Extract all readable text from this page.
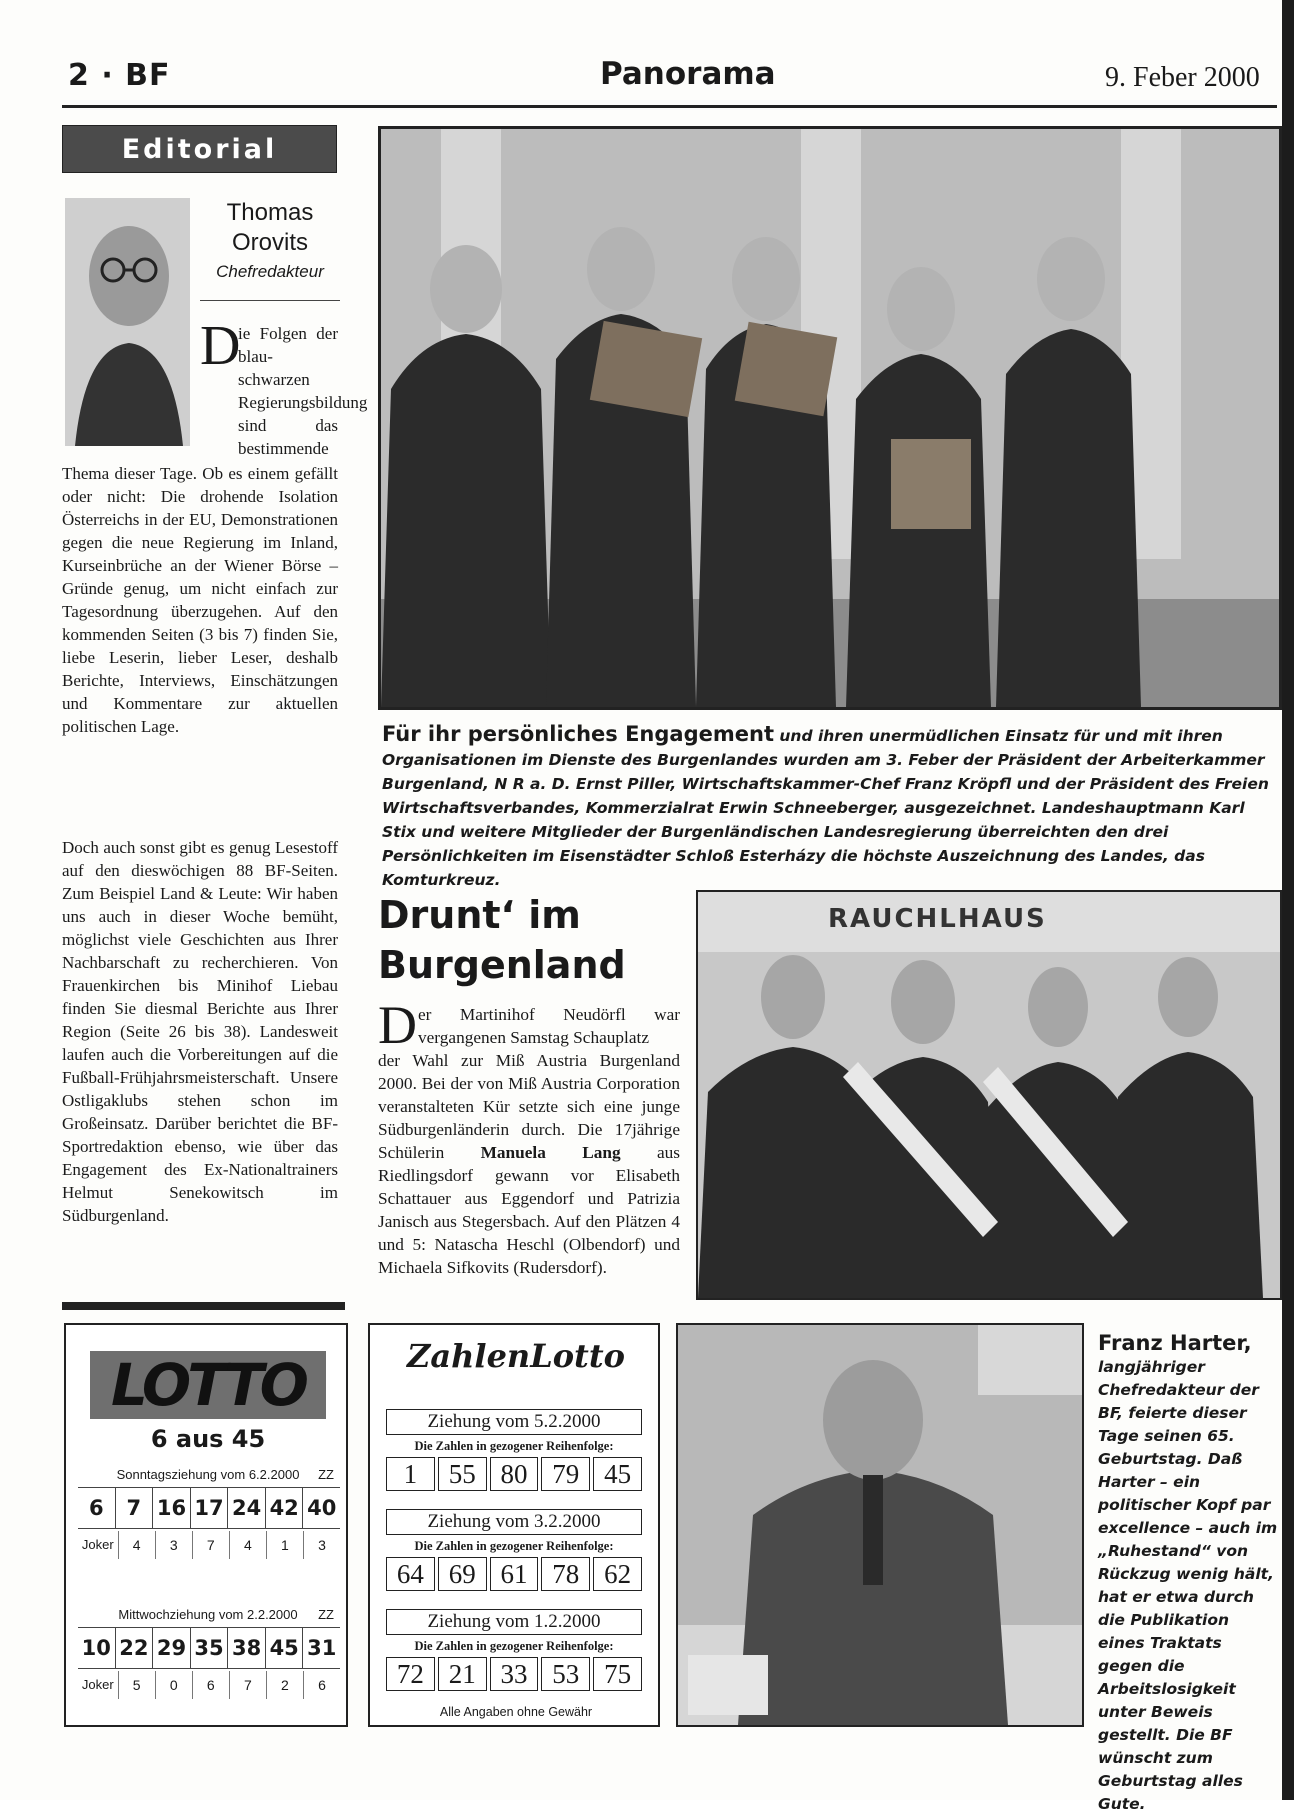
2 · BF	Panorama	9. Feber 2000
Editorial
Thomas
Orovits
Chefredakteur
D
ie Folgen der blau-schwarzen Regierungsbildung sind das bestimmende
Thema dieser Tage. Ob es einem gefällt oder nicht: Die drohende Isolation Österreichs in der EU, Demonstrationen gegen die neue Regierung im Inland, Kurseinbrüche an der Wiener Börse – Gründe genug, um nicht einfach zur Tagesordnung überzugehen. Auf den kommenden Seiten (3 bis 7) finden Sie, liebe Leserin, lieber Leser, deshalb Berichte, Interviews, Einschätzungen und Kommentare zur aktuellen politischen Lage.
Doch auch sonst gibt es genug Lesestoff auf den dieswöchigen 88 BF-Seiten. Zum Beispiel Land & Leute: Wir haben uns auch in dieser Woche bemüht, möglichst viele Geschichten aus Ihrer Nachbarschaft zu recherchieren. Von Frauenkirchen bis Minihof Liebau finden Sie diesmal Berichte aus Ihrer Region (Seite 26 bis 38). Landesweit laufen auch die Vorbereitungen auf die Fußball-Frühjahrsmeisterschaft. Unsere Ostligaklubs stehen schon im Großeinsatz. Darüber berichtet die BF-Sportredaktion ebenso, wie über das Engagement des Ex-Nationaltrainers Helmut Senekowitsch im Südburgenland.
Für ihr persönliches Engagement und ihren unermüdlichen Einsatz für und mit ihren Organisationen im Dienste des Burgenlandes wurden am 3. Feber der Präsident der Arbeiterkammer Burgenland, N R a. D. Ernst Piller, Wirtschaftskammer-Chef Franz Kröpfl und der Präsident des Freien Wirtschaftsverbandes, Kommerzialrat Erwin Schneeberger, ausgezeichnet. Landeshauptmann Karl Stix und weitere Mitglieder der Burgenländischen Landesregierung überreichten den drei Persönlichkeiten im Eisenstädter Schloß Esterházy die höchste Auszeichnung des Landes, das Komturkreuz.
Drunt‘ im Burgenland
D er Martinihof Neudörfl war vergangenen Samstag Schauplatz
der Wahl zur Miß Austria Burgenland 2000. Bei der von Miß Austria Corporation veranstalteten Kür setzte sich eine junge Südburgenländerin durch. Die 17jährige Schülerin Manuela Lang aus Riedlingsdorf gewann vor Elisabeth Schattauer aus Eggendorf und Patrizia Janisch aus Stegersbach. Auf den Plätzen 4 und 5: Natascha Heschl (Olbendorf) und Michaela Sifkovits (Rudersdorf).
RAUCHLHAUS
LOTTO
6 aus 45
Sonntagsziehung vom 6.2.2000 ZZ
6	7 16 17 24 42 40
Joker	4	3	7	4	1	3
Mittwochziehung vom 2.2.2000 ZZ
10 22 29 35 38 45 31
Joker	5	0	6	7	2	6
ZahlenLotto
Ziehung vom 5.2.2000
Die Zahlen in gezogener Reihenfolge:
1	55 80 79 45
Ziehung vom 3.2.2000
Die Zahlen in gezogener Reihenfolge:
64 69 61 78 62
Ziehung vom 1.2.2000
Die Zahlen in gezogener Reihenfolge:
72 21 33 53 75
Alle Angaben ohne Gewähr
Franz Harter,
langjähriger Chefredakteur der BF, feierte dieser Tage seinen 65. Geburtstag. Daß Harter – ein politischer Kopf par excellence – auch im „Ruhestand“ von Rückzug wenig hält, hat er etwa durch die Publikation eines Traktats gegen die Arbeitslosigkeit unter Beweis gestellt. Die BF wünscht zum Geburtstag alles Gute.
